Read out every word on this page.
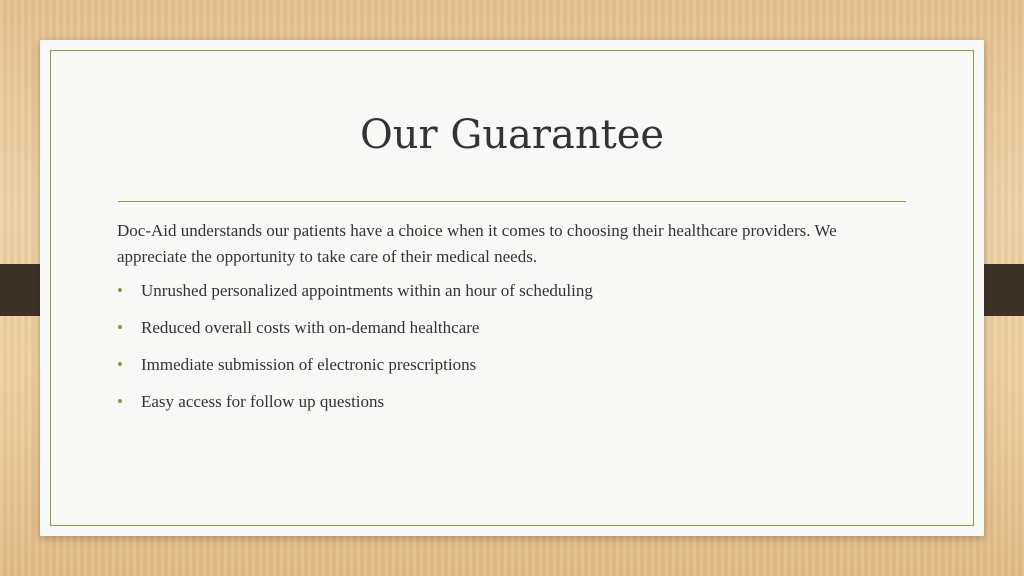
Our Guarantee

Doc-Aid understands our patients have a choice when it comes to choosing their healthcare providers. We appreciate the opportunity to take care of their medical needs.

• Unrushed personalized appointments within an hour of scheduling
• Reduced overall costs with on-demand healthcare
• Immediate submission of electronic prescriptions
• Easy access for follow up questions
